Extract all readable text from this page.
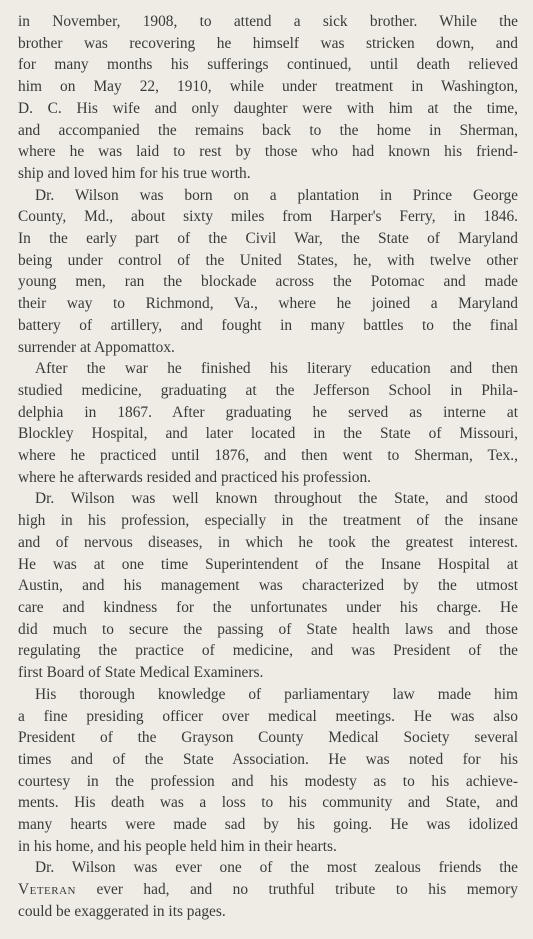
in November, 1908, to attend a sick brother. While the
brother was recovering he himself was stricken down, and
for many months his sufferings continued, until death relieved
him on May 22, 1910, while under treatment in Washington,
D. C. His wife and only daughter were with him at the time,
and accompanied the remains back to the home in Sherman,
where he was laid to rest by those who had known his friend-
ship and loved him for his true worth.

Dr. Wilson was born on a plantation in Prince George
County, Md., about sixty miles from Harper's Ferry, in 1846.
In the early part of the Civil War, the State of Maryland
being under control of the United States, he, with twelve other
young men, ran the blockade across the Potomac and made
their way to Richmond, Va., where he joined a Maryland
battery of artillery, and fought in many battles to the final
surrender at Appomattox.

After the war he finished his literary education and then
studied medicine, graduating at the Jefferson School in Phila-
delphia in 1867. After graduating he served as interne at
Blockley Hospital, and later located in the State of Missouri,
where he practiced until 1876, and then went to Sherman, Tex.,
where he afterwards resided and practiced his profession.

Dr. Wilson was well known throughout the State, and stood
high in his profession, especially in the treatment of the insane
and of nervous diseases, in which he took the greatest interest.
He was at one time Superintendent of the Insane Hospital at
Austin, and his management was characterized by the utmost
care and kindness for the unfortunates under his charge. He
did much to secure the passing of State health laws and those
regulating the practice of medicine, and was President of the
first Board of State Medical Examiners.

His thorough knowledge of parliamentary law made him
a fine presiding officer over medical meetings. He was also
President of the Grayson County Medical Society several
times and of the State Association. He was noted for his
courtesy in the profession and his modesty as to his achieve-
ments. His death was a loss to his community and State, and
many hearts were made sad by his going. He was idolized
in his home, and his people held him in their hearts.

Dr. Wilson was ever one of the most zealous friends the
Veteran ever had, and no truthful tribute to his memory
could be exaggerated in its pages.
